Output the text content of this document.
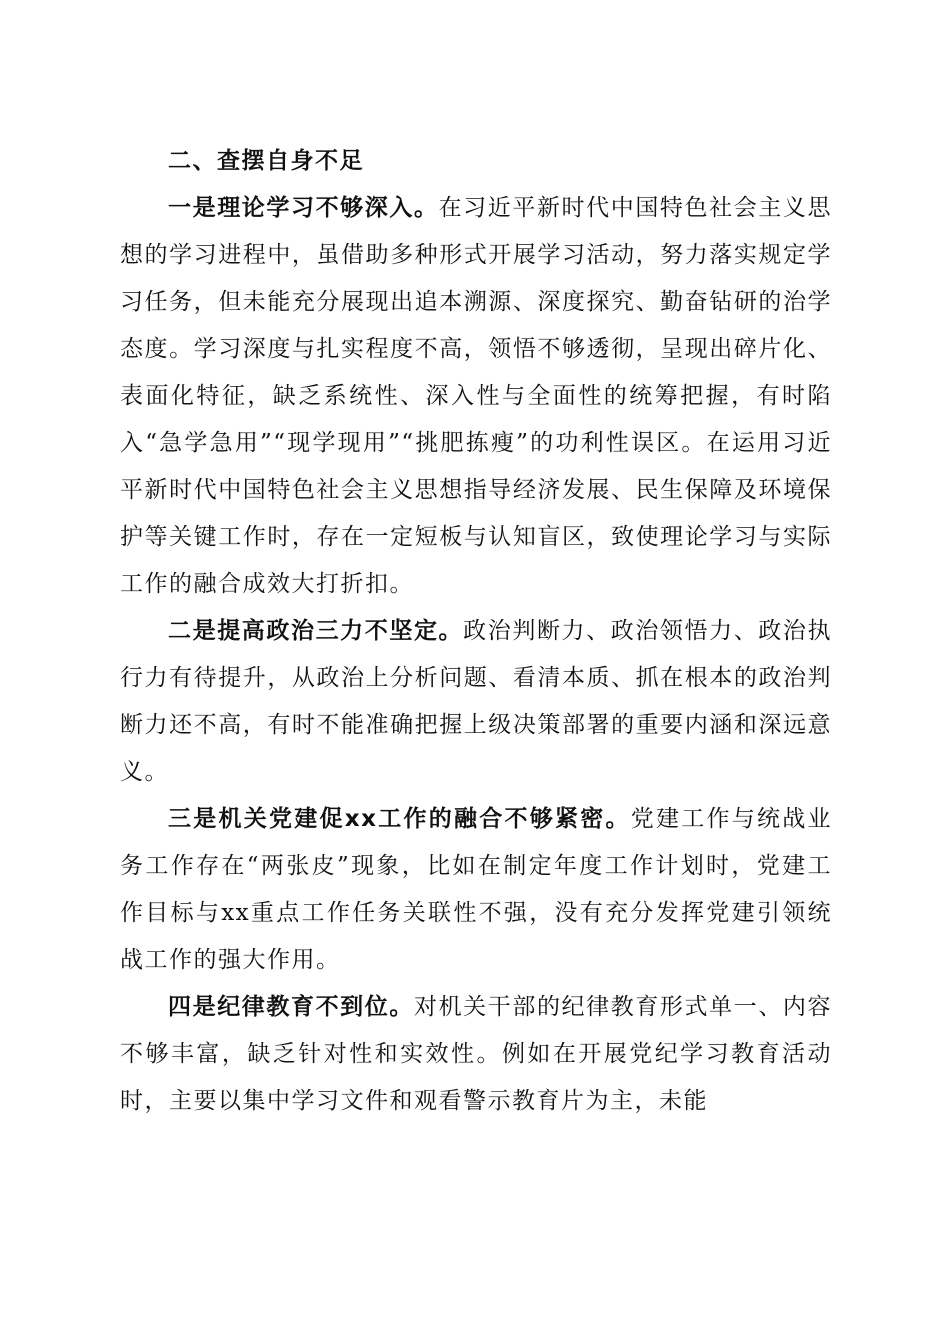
二、查摆自身不足

一是理论学习不够深入。在习近平新时代中国特色社会主义思想的学习进程中，虽借助多种形式开展学习活动，努力落实规定学习任务，但未能充分展现出追本溯源、深度探究、勤奋钻研的治学态度。学习深度与扎实程度不高，领悟不够透彻，呈现出碎片化、表面化特征，缺乏系统性、深入性与全面性的统筹把握，有时陷入“急学急用”“现学现用”“挑肥拣瘦”的功利性误区。在运用习近平新时代中国特色社会主义思想指导经济发展、民生保障及环境保护等关键工作时，存在一定短板与认知盲区，致使理论学习与实际工作的融合成效大打折扣。

二是提高政治三力不坚定。政治判断力、政治领悟力、政治执行力有待提升，从政治上分析问题、看清本质、抓在根本的政治判断力还不高，有时不能准确把握上级决策部署的重要内涵和深远意义。

三是机关党建促xx工作的融合不够紧密。党建工作与统战业务工作存在“两张皮”现象，比如在制定年度工作计划时，党建工作目标与xx重点工作任务关联性不强，没有充分发挥党建引领统战工作的强大作用。

四是纪律教育不到位。对机关干部的纪律教育形式单一、内容不够丰富，缺乏针对性和实效性。例如在开展党纪学习教育活动时，主要以集中学习文件和观看警示教育片为主，未能
